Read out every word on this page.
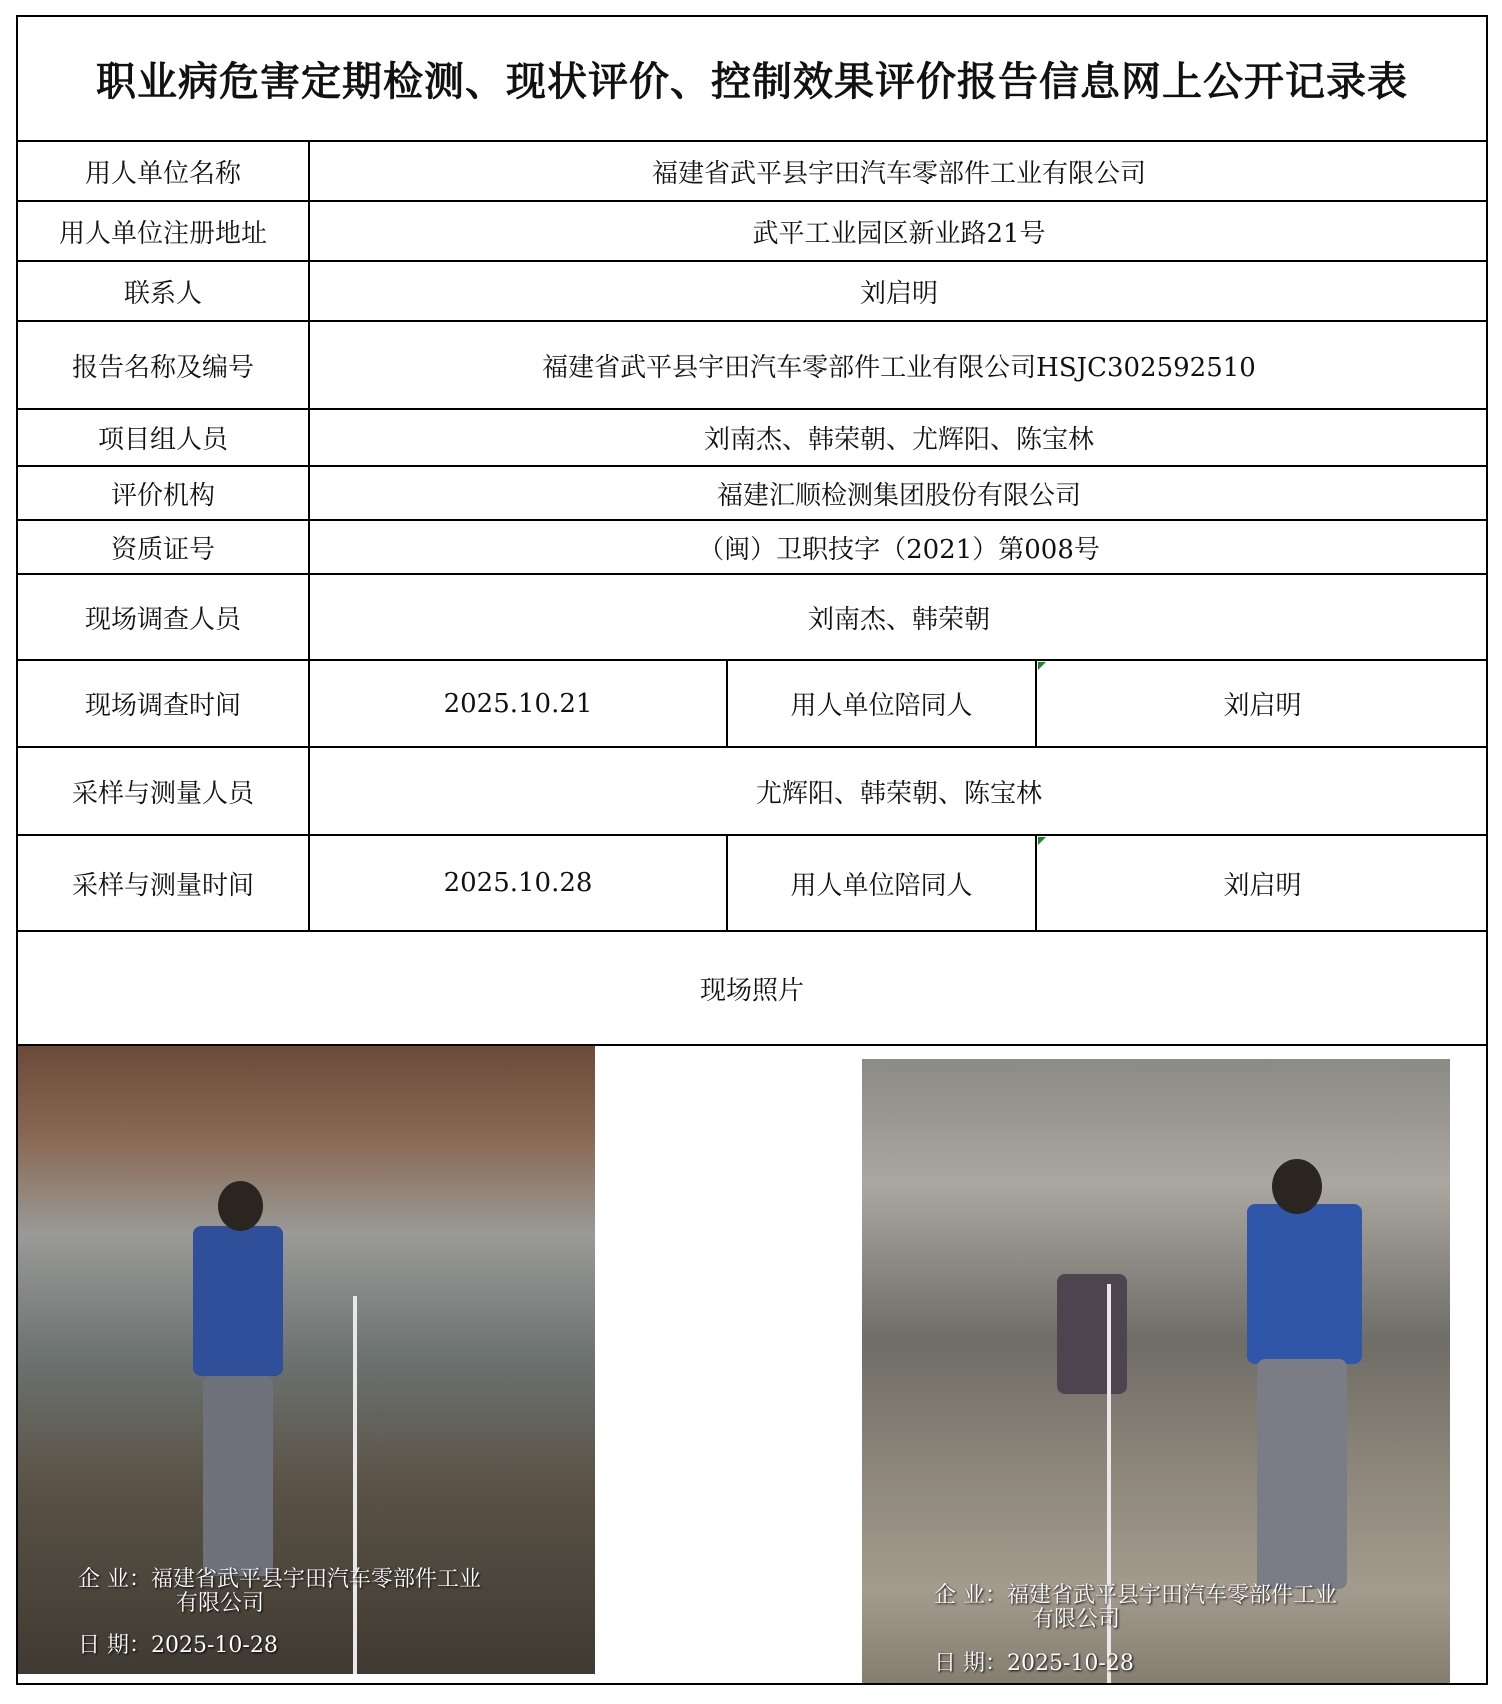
职业病危害定期检测、现状评价、控制效果评价报告信息网上公开记录表
用人单位名称	福建省武平县宇田汽车零部件工业有限公司
用人单位注册地址	武平工业园区新业路21号
联系人	刘启明
报告名称及编号	福建省武平县宇田汽车零部件工业有限公司HSJC302592510
项目组人员	刘南杰、韩荣朝、尤辉阳、陈宝林
评价机构	福建汇顺检测集团股份有限公司
资质证号	（闽）卫职技字（2021）第008号
现场调查人员	刘南杰、韩荣朝
现场调查时间	2025.10.21	用人单位陪同人	刘启明
采样与测量人员	尤辉阳、韩荣朝、陈宝林
采样与测量时间	2025.10.28	用人单位陪同人	刘启明
现场照片
企 业：福建省武平县宇田汽车零部件工业
有限公司
日 期：2025-10-28
企 业：福建省武平县宇田汽车零部件工业
有限公司
日 期：2025-10-28
